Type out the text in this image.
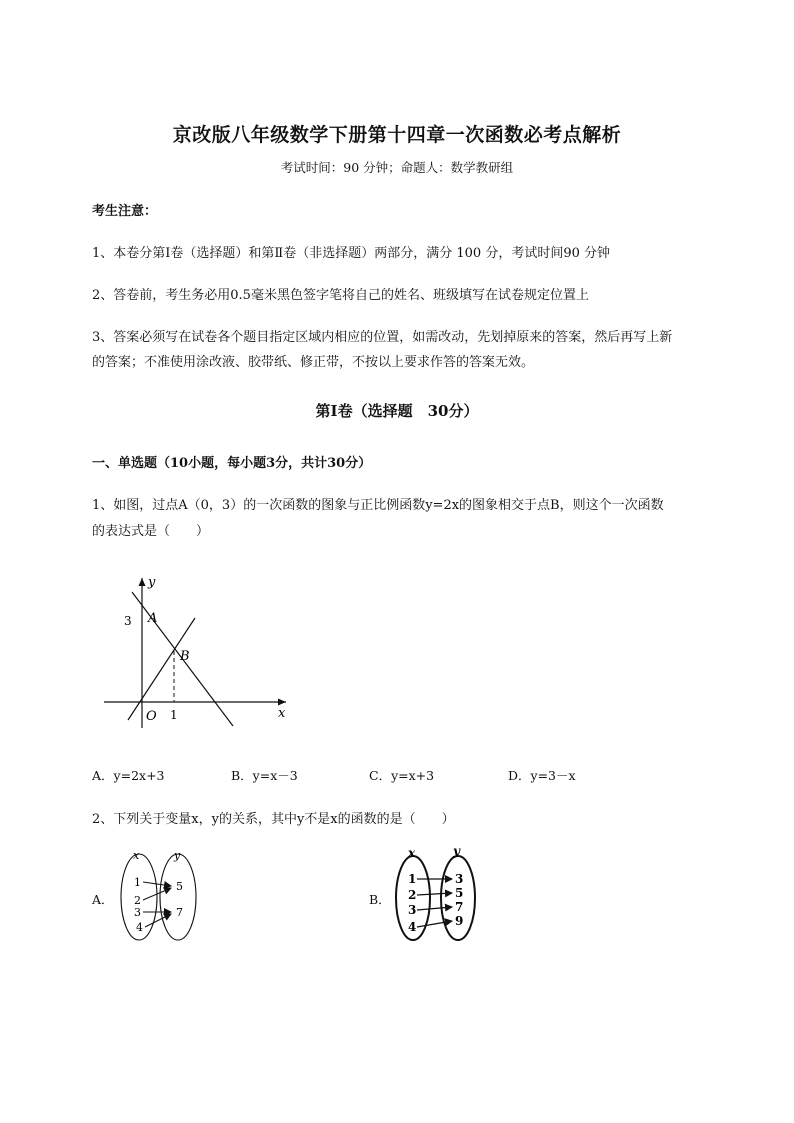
京改版八年级数学下册第十四章一次函数必考点解析
考试时间：90 分钟；命题人：数学教研组
考生注意：
1、本卷分第Ⅰ卷（选择题）和第Ⅱ卷（非选择题）两部分，满分 100 分，考试时间90 分钟
2、答卷前，考生务必用0.5毫米黑色签字笔将自己的姓名、班级填写在试卷规定位置上
3、答案必须写在试卷各个题目指定区域内相应的位置，如需改动，先划掉原来的答案，然后再写上新
的答案；不准使用涂改液、胶带纸、修正带，不按以上要求作答的答案无效。
第Ⅰ卷（选择题　30分）
一、单选题（10小题，每小题3分，共计30分）
1、如图，过点A（0，3）的一次函数的图象与正比例函数y=2x的图象相交于点B，则这个一次函数
的表达式是（　　）
y
x
O
A
B
3
1
A．y=2x+3	B．y=x－3	C．y=x+3	D．y=3－x
2、下列关于变量x，y的关系，其中y不是x的函数的是（　　）
A．
x	y
1
2
3
4
5
7
B．
x	y
1
2
3
4
3
5
7
9
